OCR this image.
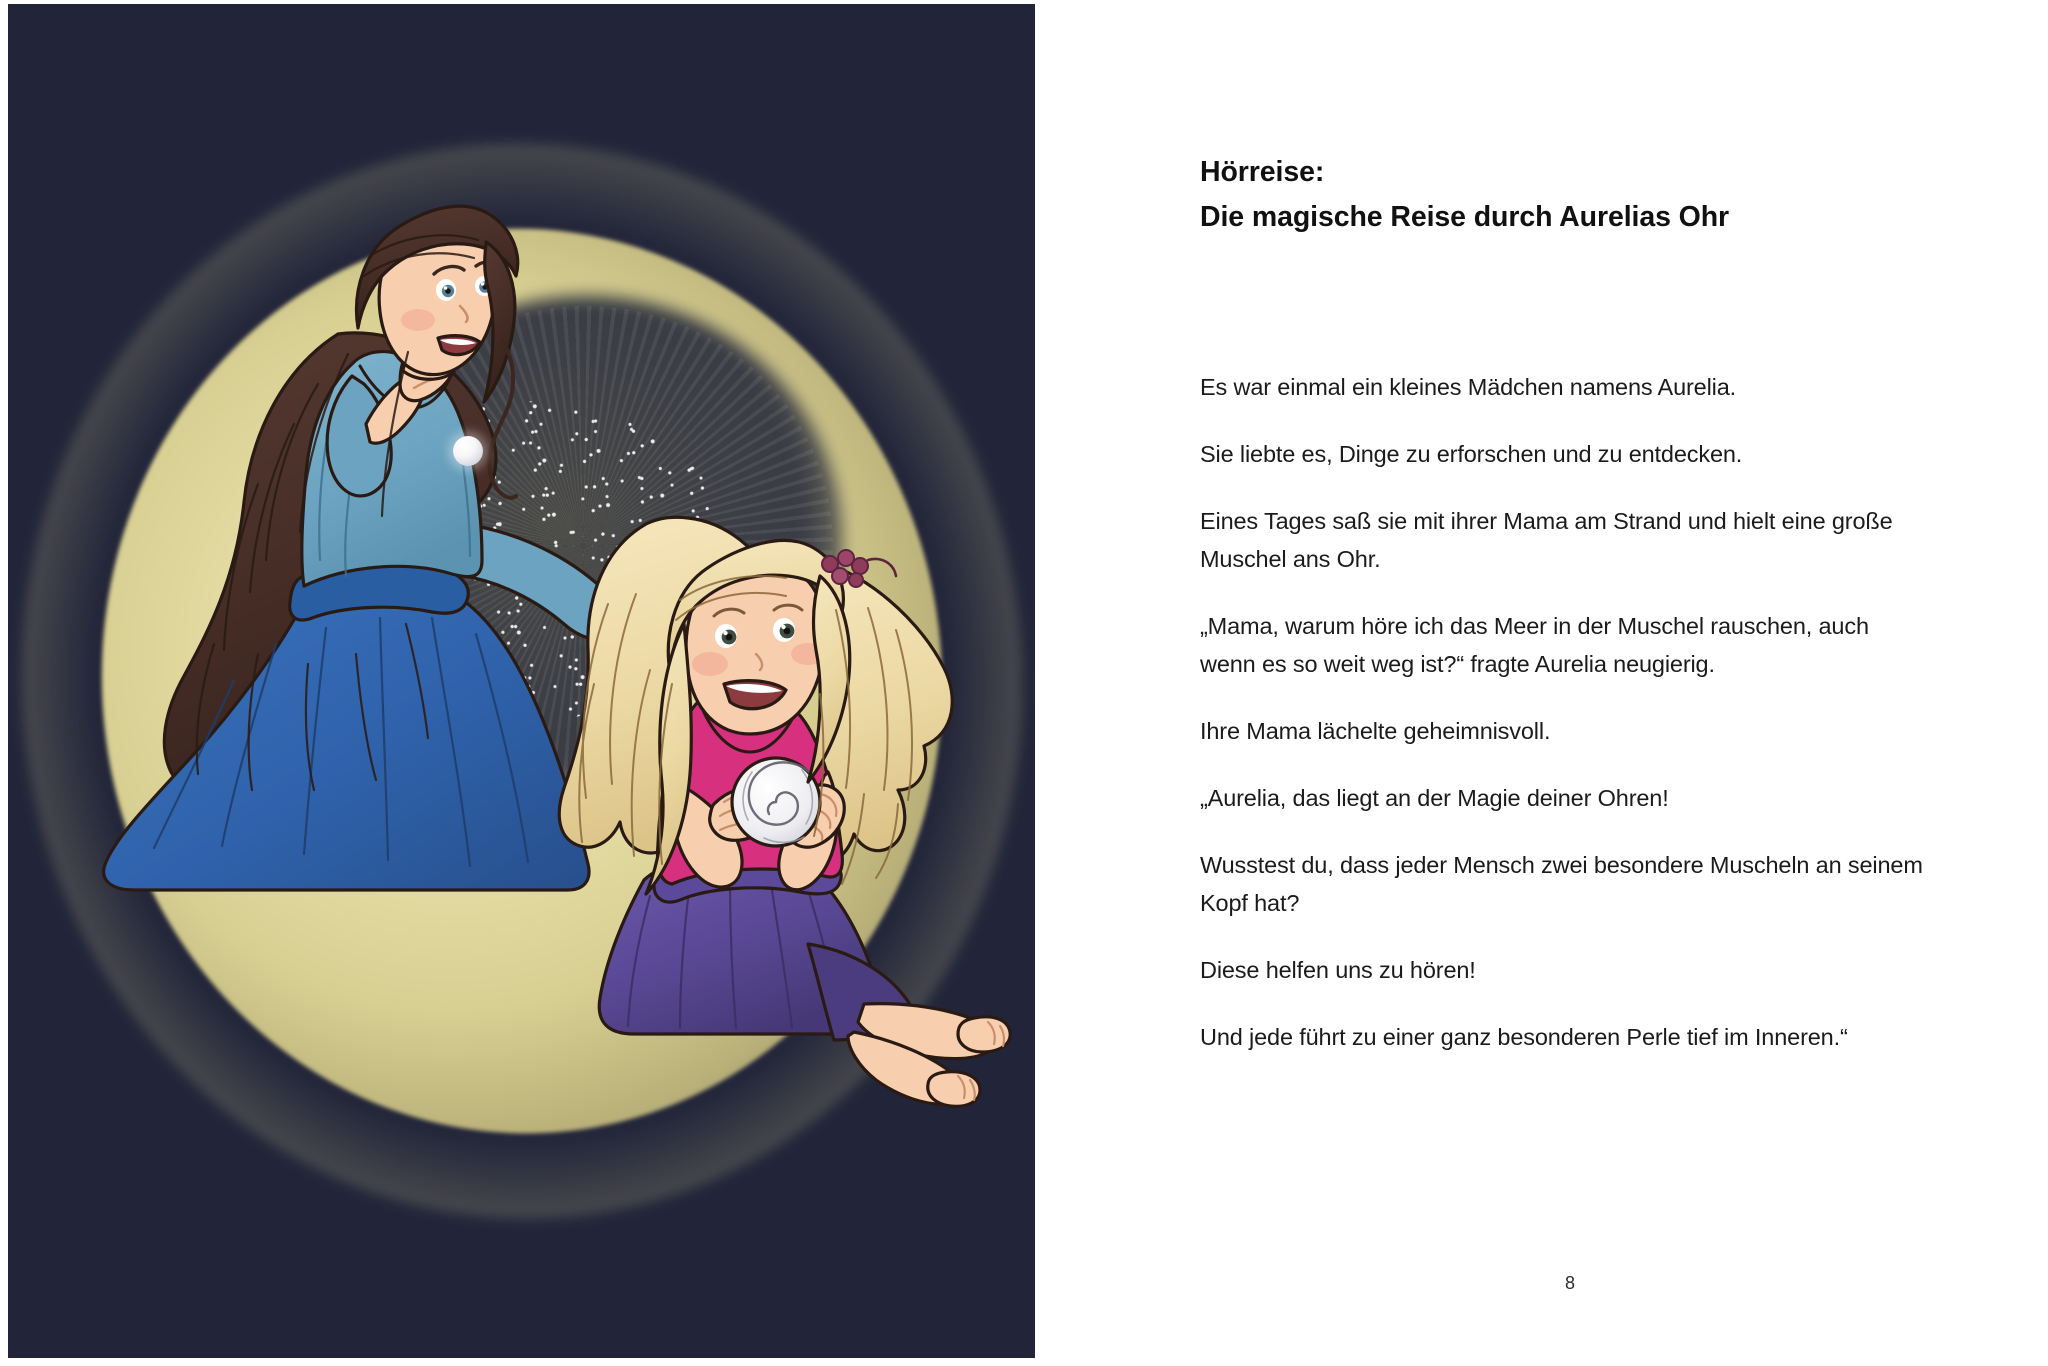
Hörreise:
Die magische Reise durch Aurelias Ohr

Es war einmal ein kleines Mädchen namens Aurelia.

Sie liebte es, Dinge zu erforschen und zu entdecken.

Eines Tages saß sie mit ihrer Mama am Strand und hielt eine große Muschel ans Ohr.

„Mama, warum höre ich das Meer in der Muschel rauschen, auch wenn es so weit weg ist?“ fragte Aurelia neugierig.

Ihre Mama lächelte geheimnisvoll.

„Aurelia, das liegt an der Magie deiner Ohren!

Wusstest du, dass jeder Mensch zwei besondere Muscheln an seinem Kopf hat?

Diese helfen uns zu hören!

Und jede führt zu einer ganz besonderen Perle tief im Inneren.“

8
